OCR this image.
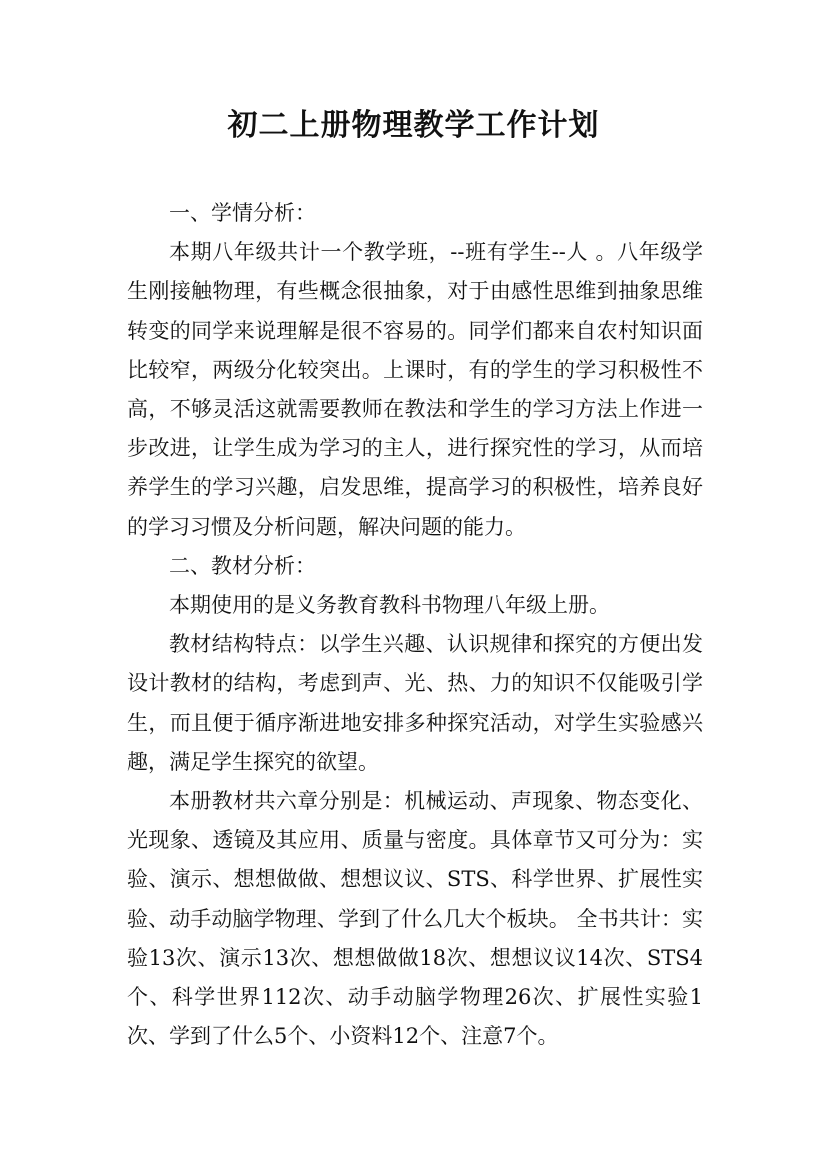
初二上册物理教学工作计划

一、学情分析：

本期八年级共计一个教学班，--班有学生--人 。八年级学生刚接触物理，有些概念很抽象，对于由感性思维到抽象思维转变的同学来说理解是很不容易的。同学们都来自农村知识面比较窄，两级分化较突出。上课时，有的学生的学习积极性不高，不够灵活这就需要教师在教法和学生的学习方法上作进一步改进，让学生成为学习的主人，进行探究性的学习，从而培养学生的学习兴趣，启发思维，提高学习的积极性，培养良好的学习习惯及分析问题，解决问题的能力。

二、教材分析：

本期使用的是义务教育教科书物理八年级上册。

教材结构特点：以学生兴趣、认识规律和探究的方便出发设计教材的结构，考虑到声、光、热、力的知识不仅能吸引学生，而且便于循序渐进地安排多种探究活动，对学生实验感兴趣，满足学生探究的欲望。

本册教材共六章分别是：机械运动、声现象、物态变化、光现象、透镜及其应用、质量与密度。具体章节又可分为：实验、演示、想想做做、想想议议、STS、科学世界、扩展性实验、动手动脑学物理、学到了什么几大个板块。 全书共计：实验13次、演示13次、想想做做18次、想想议议14次、STS4个、科学世界112次、动手动脑学物理26次、扩展性实验1次、学到了什么5个、小资料12个、注意7个。
